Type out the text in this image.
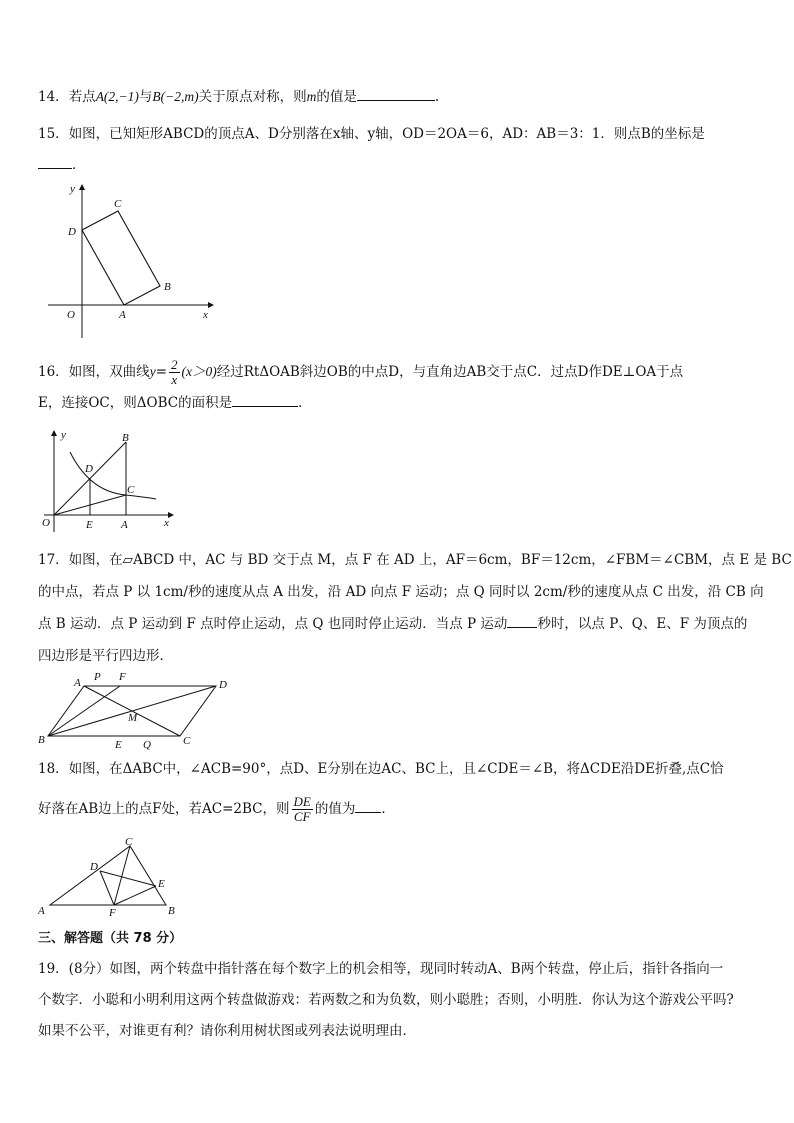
14．若点A(2,−1)与B(−2,m)关于原点对称，则m的值是	.
15．如图，已知矩形ABCD的顶点A、D分别落在x轴、y轴，OD＝2OA＝6，AD：AB＝3：1．则点B的坐标是
．
x
y
O	A
B
C
D
16．如图，双曲线$y= \frac{2}{x} (x>0)$经过RtΔOAB斜边OB的中点D，与直角边AB交于点C．过点D作DE⊥OA于点
E，连接OC，则ΔOBC的面积是	．
x
y
O	A
B
C
D
E
17．如图，在▱ABCD 中，AC 与 BD 交于点 M，点 F 在 AD 上，AF＝6cm，BF＝12cm，∠FBM＝∠CBM，点 E 是 BC
的中点，若点 P 以 1cm/秒的速度从点 A 出发，沿 AD 向点 F 运动；点 Q 同时以 2cm/秒的速度从点 C 出发，沿 CB 向
点 B 运动．点 P 运动到 F 点时停止运动，点 Q 也同时停止运动．当点 P 运动 秒时，以点 P、Q、E、F 为顶点的
四边形是平行四边形．
A P F
D
M
B	E Q	C
18．如图，在ΔABC中，∠ACB=90°，点D、E分别在边AC、BC上，且∠CDE＝∠B，将ΔCDE沿DE折叠,点C恰
好落在AB边上的点F处，若AC=2BC，则 $\frac{DE}{CF}$ 的值为 ．
A	B
C
D
E
F
三、解答题（共 78 分）
19．(8分）如图，两个转盘中指针落在每个数字上的机会相等，现同时转动A、B两个转盘，停止后，指针各指向一
个数字．小聪和小明利用这两个转盘做游戏：若两数之和为负数，则小聪胜；否则，小明胜．你认为这个游戏公平吗?
如果不公平，对谁更有利？请你利用树状图或列表法说明理由．
